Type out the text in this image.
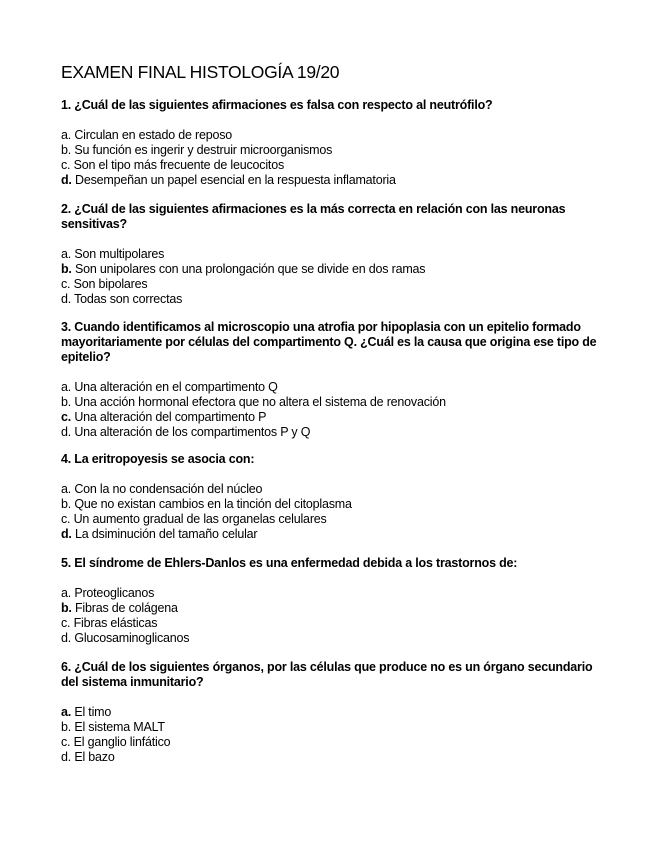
EXAMEN FINAL HISTOLOGÍA 19/20

1. ¿Cuál de las siguientes afirmaciones es falsa con respecto al neutrófilo?

a. Circulan en estado de reposo
b. Su función es ingerir y destruir microorganismos
c. Son el tipo más frecuente de leucocitos
d. Desempeñan un papel esencial en la respuesta inflamatoria

2. ¿Cuál de las siguientes afirmaciones es la más correcta en relación con las neuronas sensitivas?

a. Son multipolares
b. Son unipolares con una prolongación que se divide en dos ramas
c. Son bipolares
d. Todas son correctas

3. Cuando identificamos al microscopio una atrofia por hipoplasia con un epitelio formado mayoritariamente por células del compartimento Q. ¿Cuál es la causa que origina ese tipo de epitelio?

a. Una alteración en el compartimento Q
b. Una acción hormonal efectora que no altera el sistema de renovación
c. Una alteración del compartimento P
d. Una alteración de los compartimentos P y Q

4. La eritropoyesis se asocia con:

a. Con la no condensación del núcleo
b. Que no existan cambios en la tinción del citoplasma
c. Un aumento gradual de las organelas celulares
d. La dsiminución del tamaño celular

5. El síndrome de Ehlers-Danlos es una enfermedad debida a los trastornos de:

a. Proteoglicanos
b. Fibras de colágena
c. Fibras elásticas
d. Glucosaminoglicanos

6. ¿Cuál de los siguientes órganos, por las células que produce no es un órgano secundario del sistema inmunitario?

a. El timo
b. El sistema MALT
c. El ganglio linfático
d. El bazo
